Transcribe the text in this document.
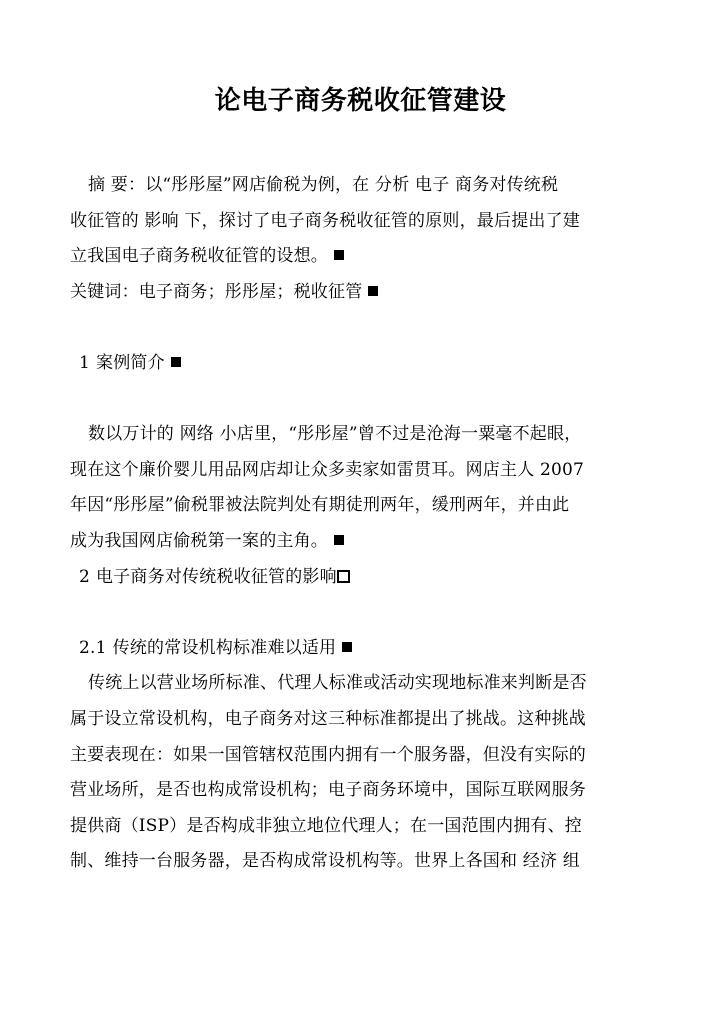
论电子商务税收征管建设
摘 要：以“彤彤屋”网店偷税为例，在 分析 电子 商务对传统税
收征管的 影响 下，探讨了电子商务税收征管的原则，最后提出了建
立我国电子商务税收征管的设想。
关键词：电子商务；彤彤屋；税收征管
1 案例简介
数以万计的 网络 小店里，“彤彤屋”曾不过是沧海一粟毫不起眼，
现在这个廉价婴儿用品网店却让众多卖家如雷贯耳。网店主人 2007
年因“彤彤屋”偷税罪被法院判处有期徒刑两年，缓刑两年，并由此
成为我国网店偷税第一案的主角。
2 电子商务对传统税收征管的影响
2.1 传统的常设机构标准难以适用
传统上以营业场所标准、代理人标准或活动实现地标准来判断是否
属于设立常设机构，电子商务对这三种标准都提出了挑战。这种挑战
主要表现在：如果一国管辖权范围内拥有一个服务器，但没有实际的
营业场所，是否也构成常设机构；电子商务环境中，国际互联网服务
提供商（ISP）是否构成非独立地位代理人；在一国范围内拥有、控
制、维持一台服务器，是否构成常设机构等。世界上各国和 经济 组
